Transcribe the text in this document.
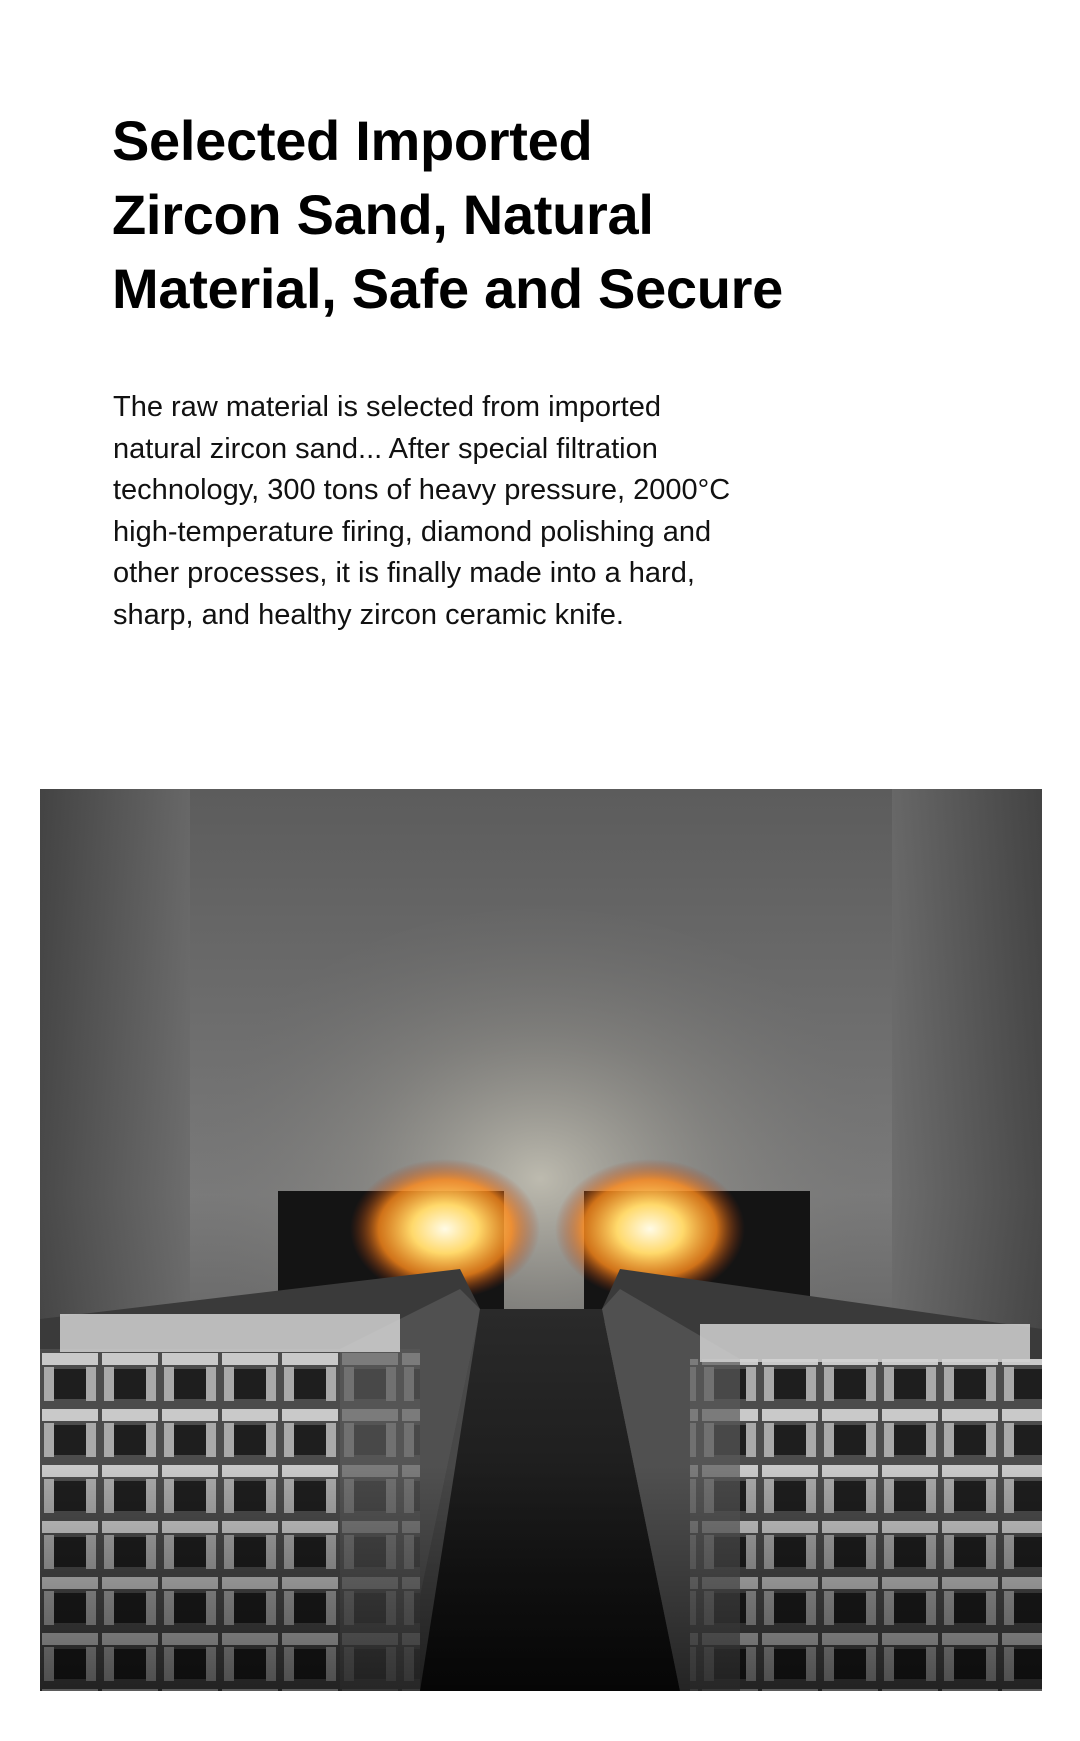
Selected Imported
Zircon Sand, Natural
Material, Safe and Secure

The raw material is selected from imported
natural zircon sand... After special filtration
technology, 300 tons of heavy pressure, 2000°C
high-temperature firing, diamond polishing and
other processes, it is finally made into a hard,
sharp, and healthy zircon ceramic knife.
